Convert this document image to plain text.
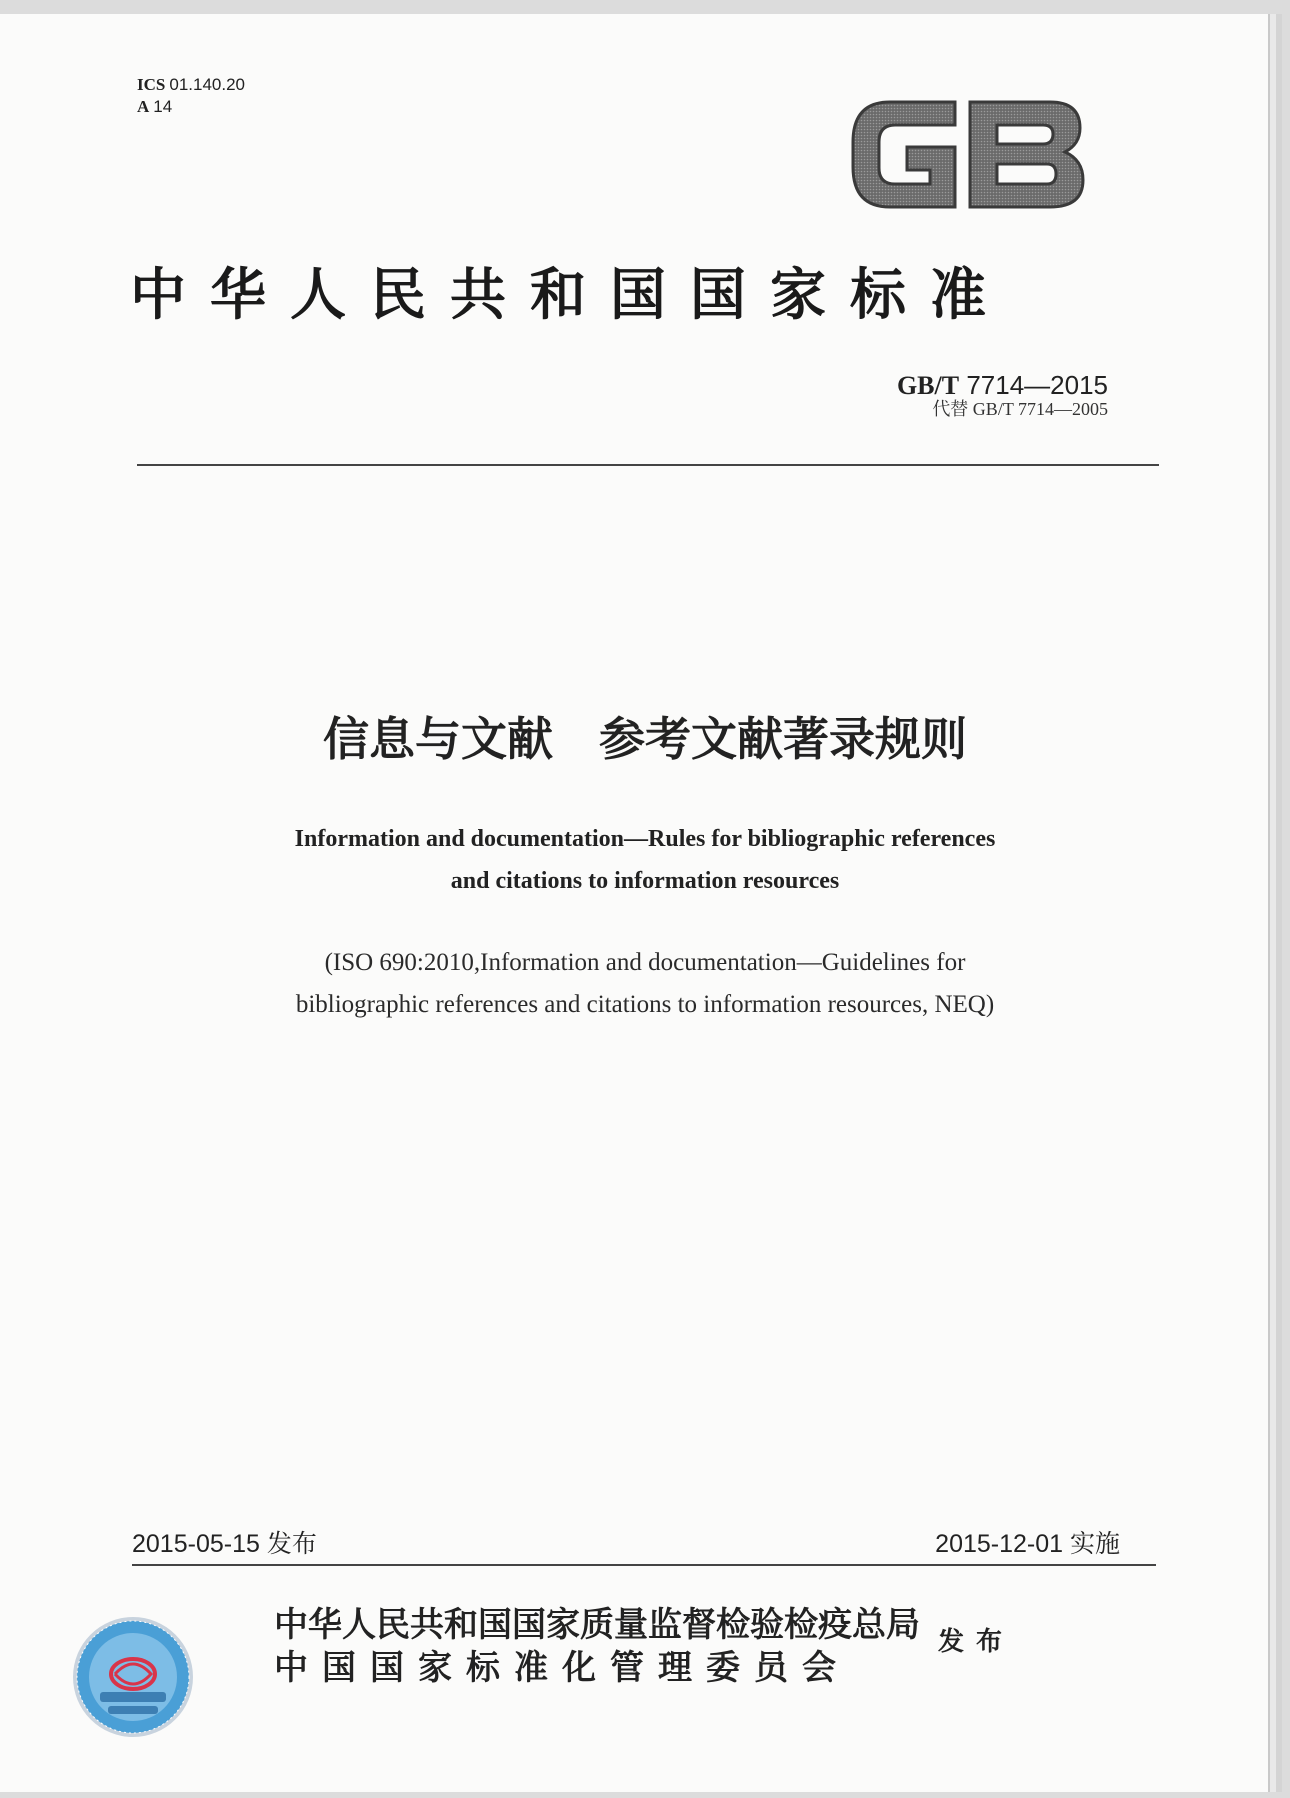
ICS 01.140.20
A 14
GB
中华人民共和国国家标准
GB/T 7714—2015
代替 GB/T 7714—2005
信息与文献　参考文献著录规则
Information and documentation—Rules for bibliographic references
and citations to information resources
(ISO 690:2010,Information and documentation—Guidelines for
bibliographic references and citations to information resources, NEQ)
2015-05-15 发布	2015-12-01 实施
中华人民共和国国家质量监督检验检疫总局
中国国家标准化管理委员会
发布
